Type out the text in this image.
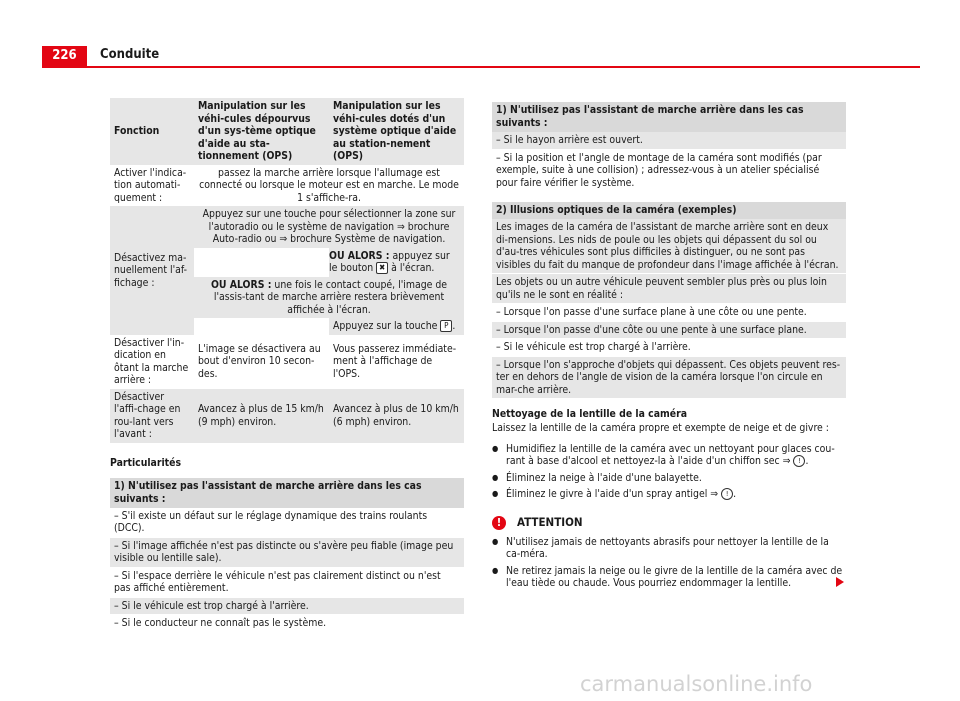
226	Conduite
Fonction	Manipulation sur les véhi-cules dépourvus d'un sys-tème optique d'aide au sta-tionnement (OPS)	Manipulation sur les véhi-cules dotés d'un système optique d'aide au station-nement (OPS)
Activer l'indica-tion automati-quement :	passez la marche arrière lorsque l'allumage est connecté ou lorsque le moteur est en marche. Le mode 1 s'affiche-ra.	
Désactivez ma-nuellement l'af-fichage :	Appuyez sur une touche pour sélectionner la zone sur l'autoradio ou le système de navigation ⇒ brochure Auto-radio ou ⇒ brochure Système de navigation.	
		OU ALORS : appuyez sur le bouton ✖ à l'écran.
	OU ALORS : une fois le contact coupé, l'image de l'assis-tant de marche arrière restera brièvement affichée à l'écran.	
		Appuyez sur la touche P .
Désactiver l'in-dication en ôtant la marche arrière :	L'image se désactivera au bout d'environ 10 secon-des.	Vous passerez immédiate-ment à l'affichage de l'OPS.
Désactiver l'affi-chage en rou-lant vers l'avant :	Avancez à plus de 15 km/h (9 mph) environ.	Avancez à plus de 10 km/h (6 mph) environ.
Particularités
1) N'utilisez pas l'assistant de marche arrière dans les cas suivants :
– S'il existe un défaut sur le réglage dynamique des trains roulants (DCC).
– Si l'image affichée n'est pas distincte ou s'avère peu fiable (image peu visible ou lentille sale).
– Si l'espace derrière le véhicule n'est pas clairement distinct ou n'est pas affiché entièrement.
– Si le véhicule est trop chargé à l'arrière.
– Si le conducteur ne connaît pas le système.
1) N'utilisez pas l'assistant de marche arrière dans les cas suivants :
– Si le hayon arrière est ouvert.
– Si la position et l'angle de montage de la caméra sont modifiés (par exemple, suite à une collision) ; adressez-vous à un atelier spécialisé pour faire vérifier le système.
2) Illusions optiques de la caméra (exemples)
Les images de la caméra de l'assistant de marche arrière sont en deux di-mensions. Les nids de poule ou les objets qui dépassent du sol ou d'au-tres véhicules sont plus difficiles à distinguer, ou ne sont pas visibles du fait du manque de profondeur dans l'image affichée à l'écran.
Les objets ou un autre véhicule peuvent sembler plus près ou plus loin qu'ils ne le sont en réalité :
– Lorsque l'on passe d'une surface plane à une côte ou une pente.
– Lorsque l'on passe d'une côte ou une pente à une surface plane.
– Si le véhicule est trop chargé à l'arrière.
– Lorsque l'on s'approche d'objets qui dépassent. Ces objets peuvent res-ter en dehors de l'angle de vision de la caméra lorsque l'on circule en mar-che arrière.
Nettoyage de la lentille de la caméra
Laissez la lentille de la caméra propre et exempte de neige et de givre :
● Humidifiez la lentille de la caméra avec un nettoyant pour glaces cou-rant à base d'alcool et nettoyez-la à l'aide d'un chiffon sec ⇒ ! .
● Éliminez la neige à l'aide d'une balayette.
● Éliminez le givre à l'aide d'un spray antigel ⇒ ! .
! ATTENTION
● N'utilisez jamais de nettoyants abrasifs pour nettoyer la lentille de la ca-méra.
● Ne retirez jamais la neige ou le givre de la lentille de la caméra avec de l'eau tiède ou chaude. Vous pourriez endommager la lentille.
carmanualsonline.info
